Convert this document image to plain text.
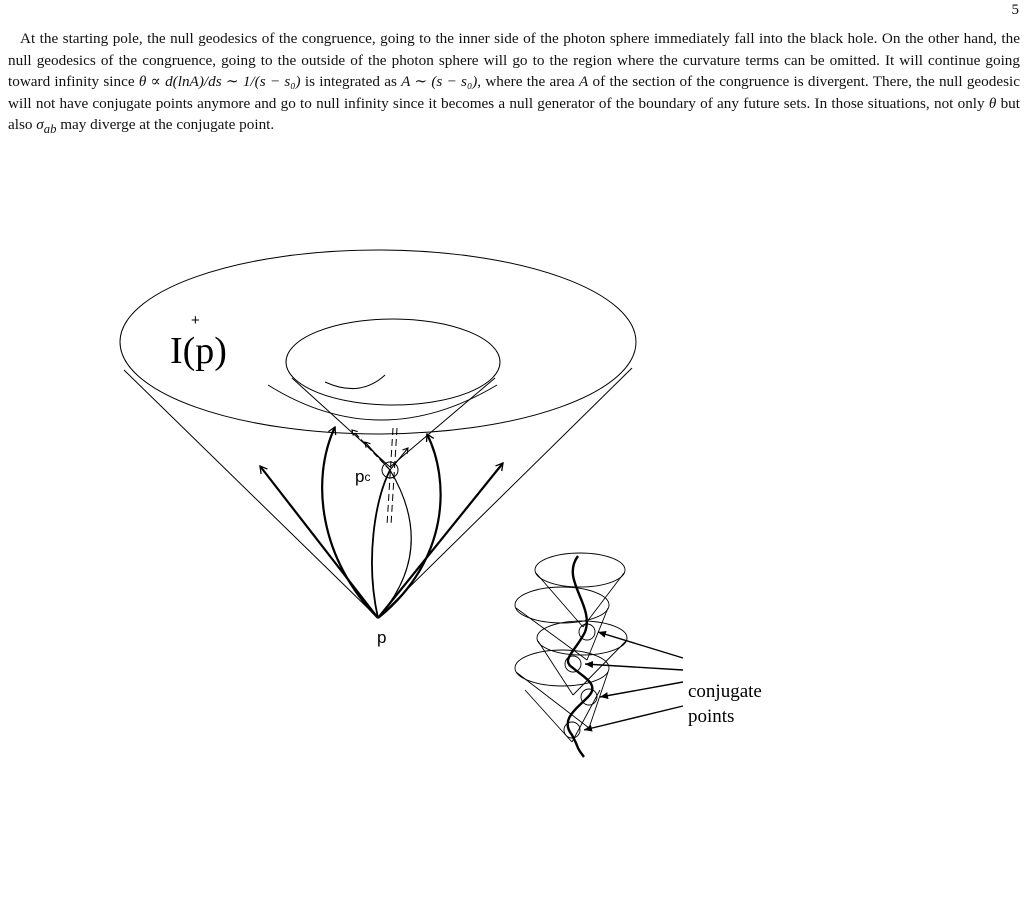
5

At the starting pole, the null geodesics of the congruence, going to the inner side of the photon sphere immediately fall into the black hole. On the other hand, the null geodesics of the congruence, going to the outside of the photon sphere will go to the region where the curvature terms can be omitted. It will continue going toward infinity since θ ∝ d(lnA)/ds ∼ 1/(s − s₀) is integrated as A ∼ (s − s₀), where the area A of the section of the congruence is divergent. There, the null geodesic will not have conjugate points anymore and go to null infinity since it becomes a null generator of the boundary of any future sets. In those situations, not only θ but also $\sigma_{ab}$ may diverge at the conjugate point.

I(p)
+
pc
p
conjugate
points
